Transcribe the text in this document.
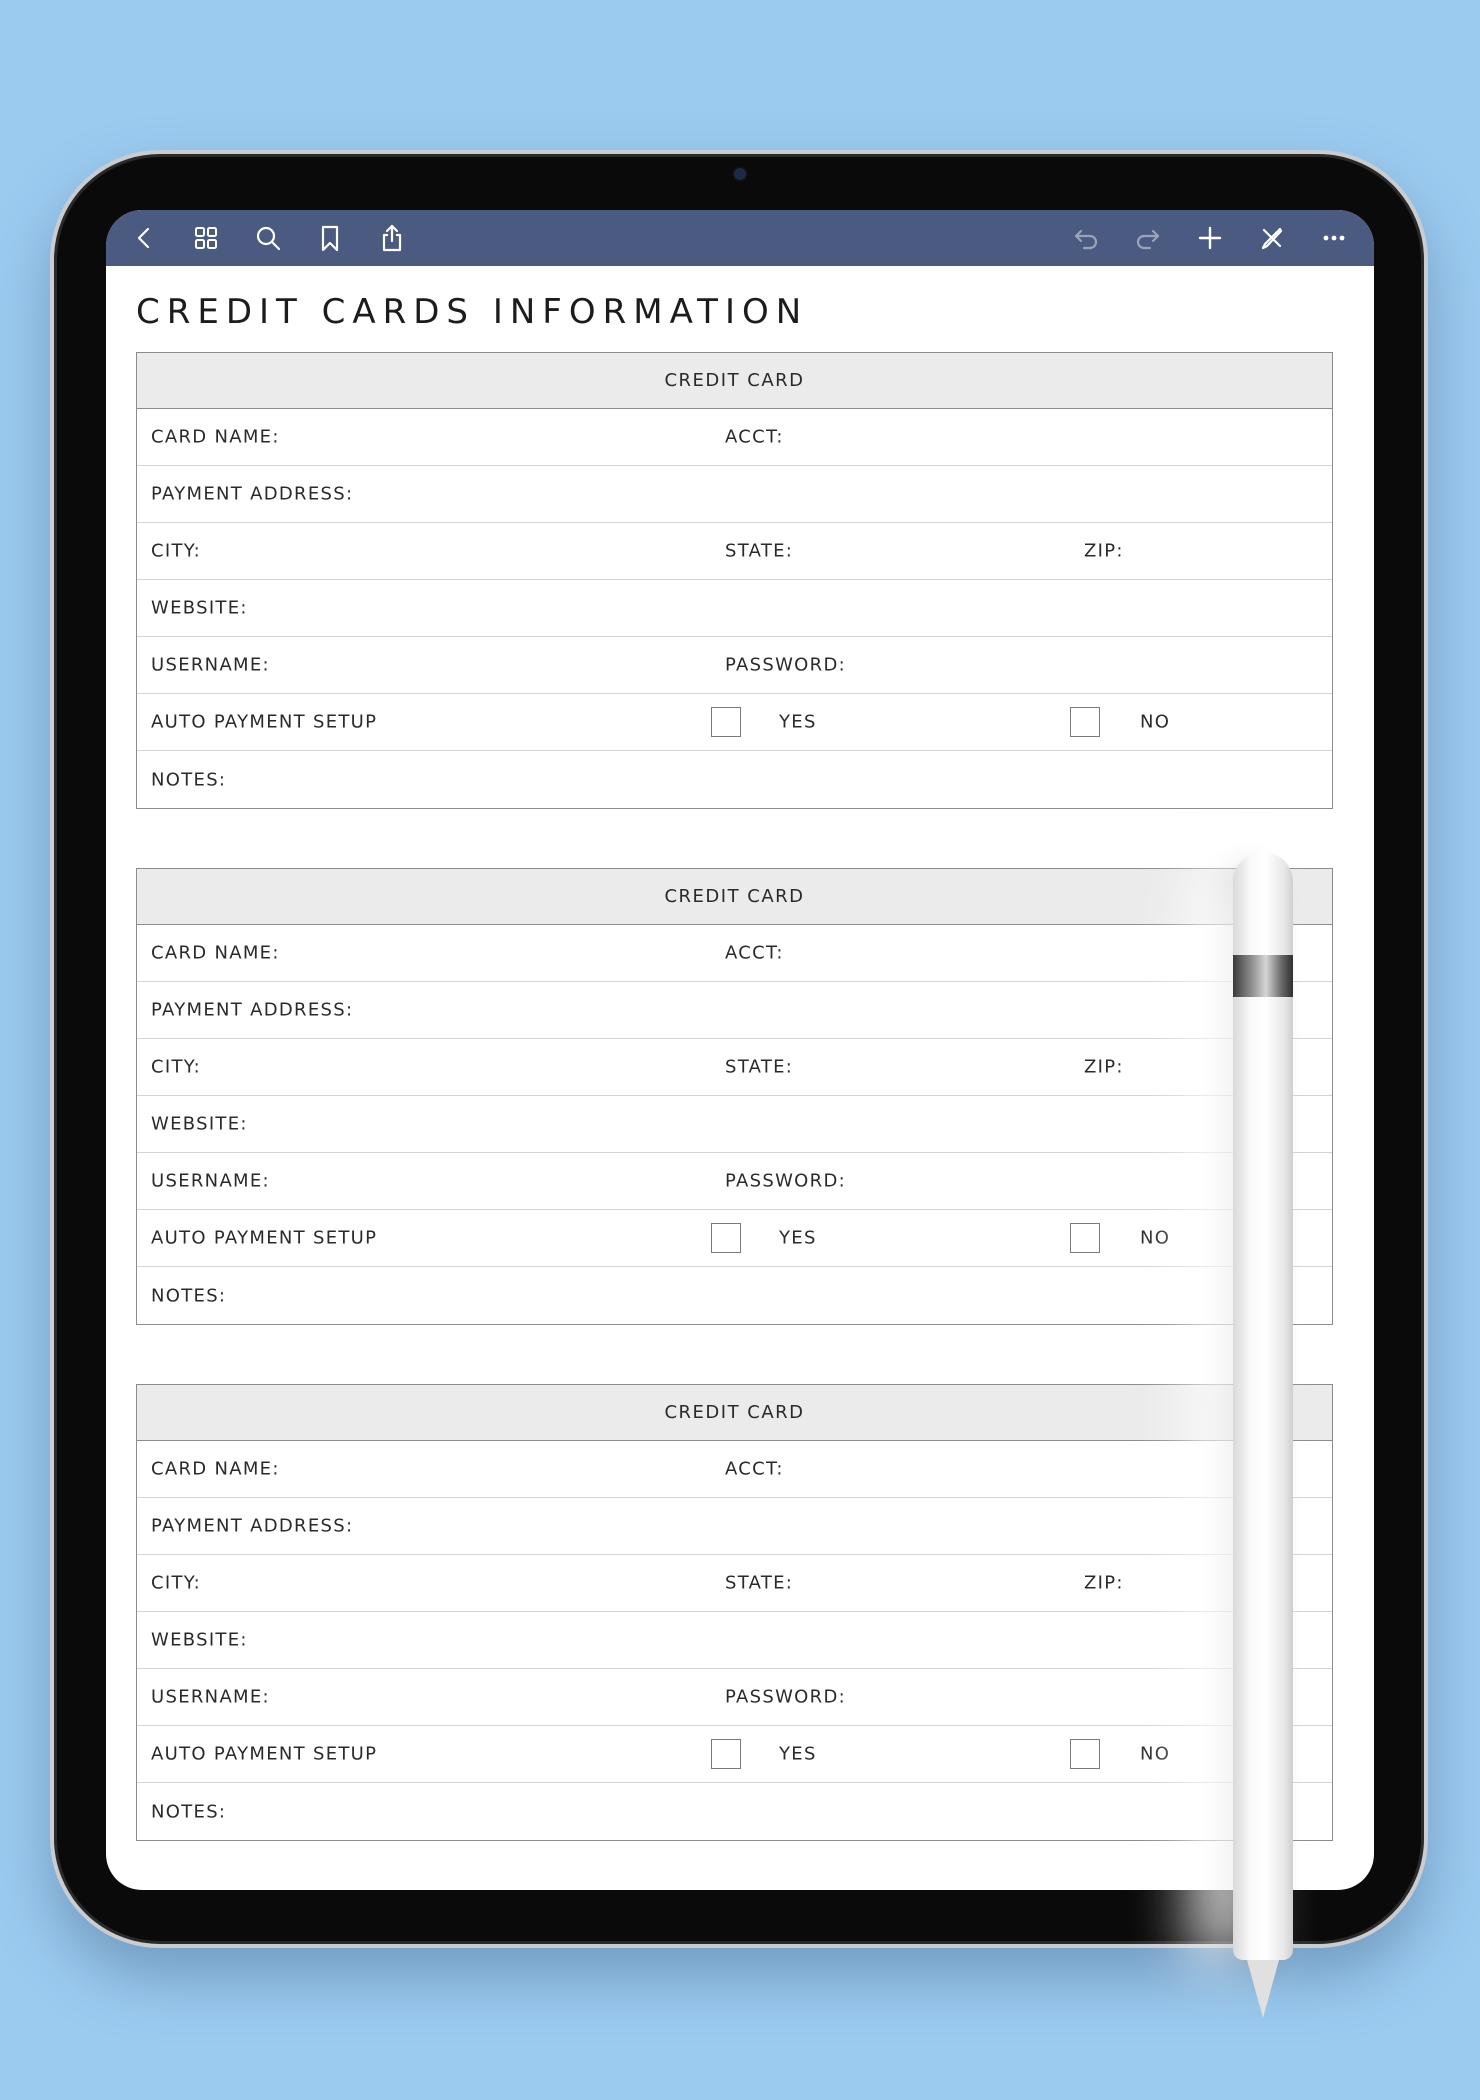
CREDIT CARDS INFORMATION
CREDIT CARD
CARD NAME:	ACCT:
PAYMENT ADDRESS:
CITY:	STATE:	ZIP:
WEBSITE:
USERNAME:	PASSWORD:
AUTO PAYMENT SETUP	YES	NO
NOTES:
CREDIT CARD
CARD NAME:	ACCT:
PAYMENT ADDRESS:
CITY:	STATE:	ZIP:
WEBSITE:
USERNAME:	PASSWORD:
AUTO PAYMENT SETUP	YES	NO
NOTES:
CREDIT CARD
CARD NAME:	ACCT:
PAYMENT ADDRESS:
CITY:	STATE:	ZIP:
WEBSITE:
USERNAME:	PASSWORD:
AUTO PAYMENT SETUP	YES	NO
NOTES:
